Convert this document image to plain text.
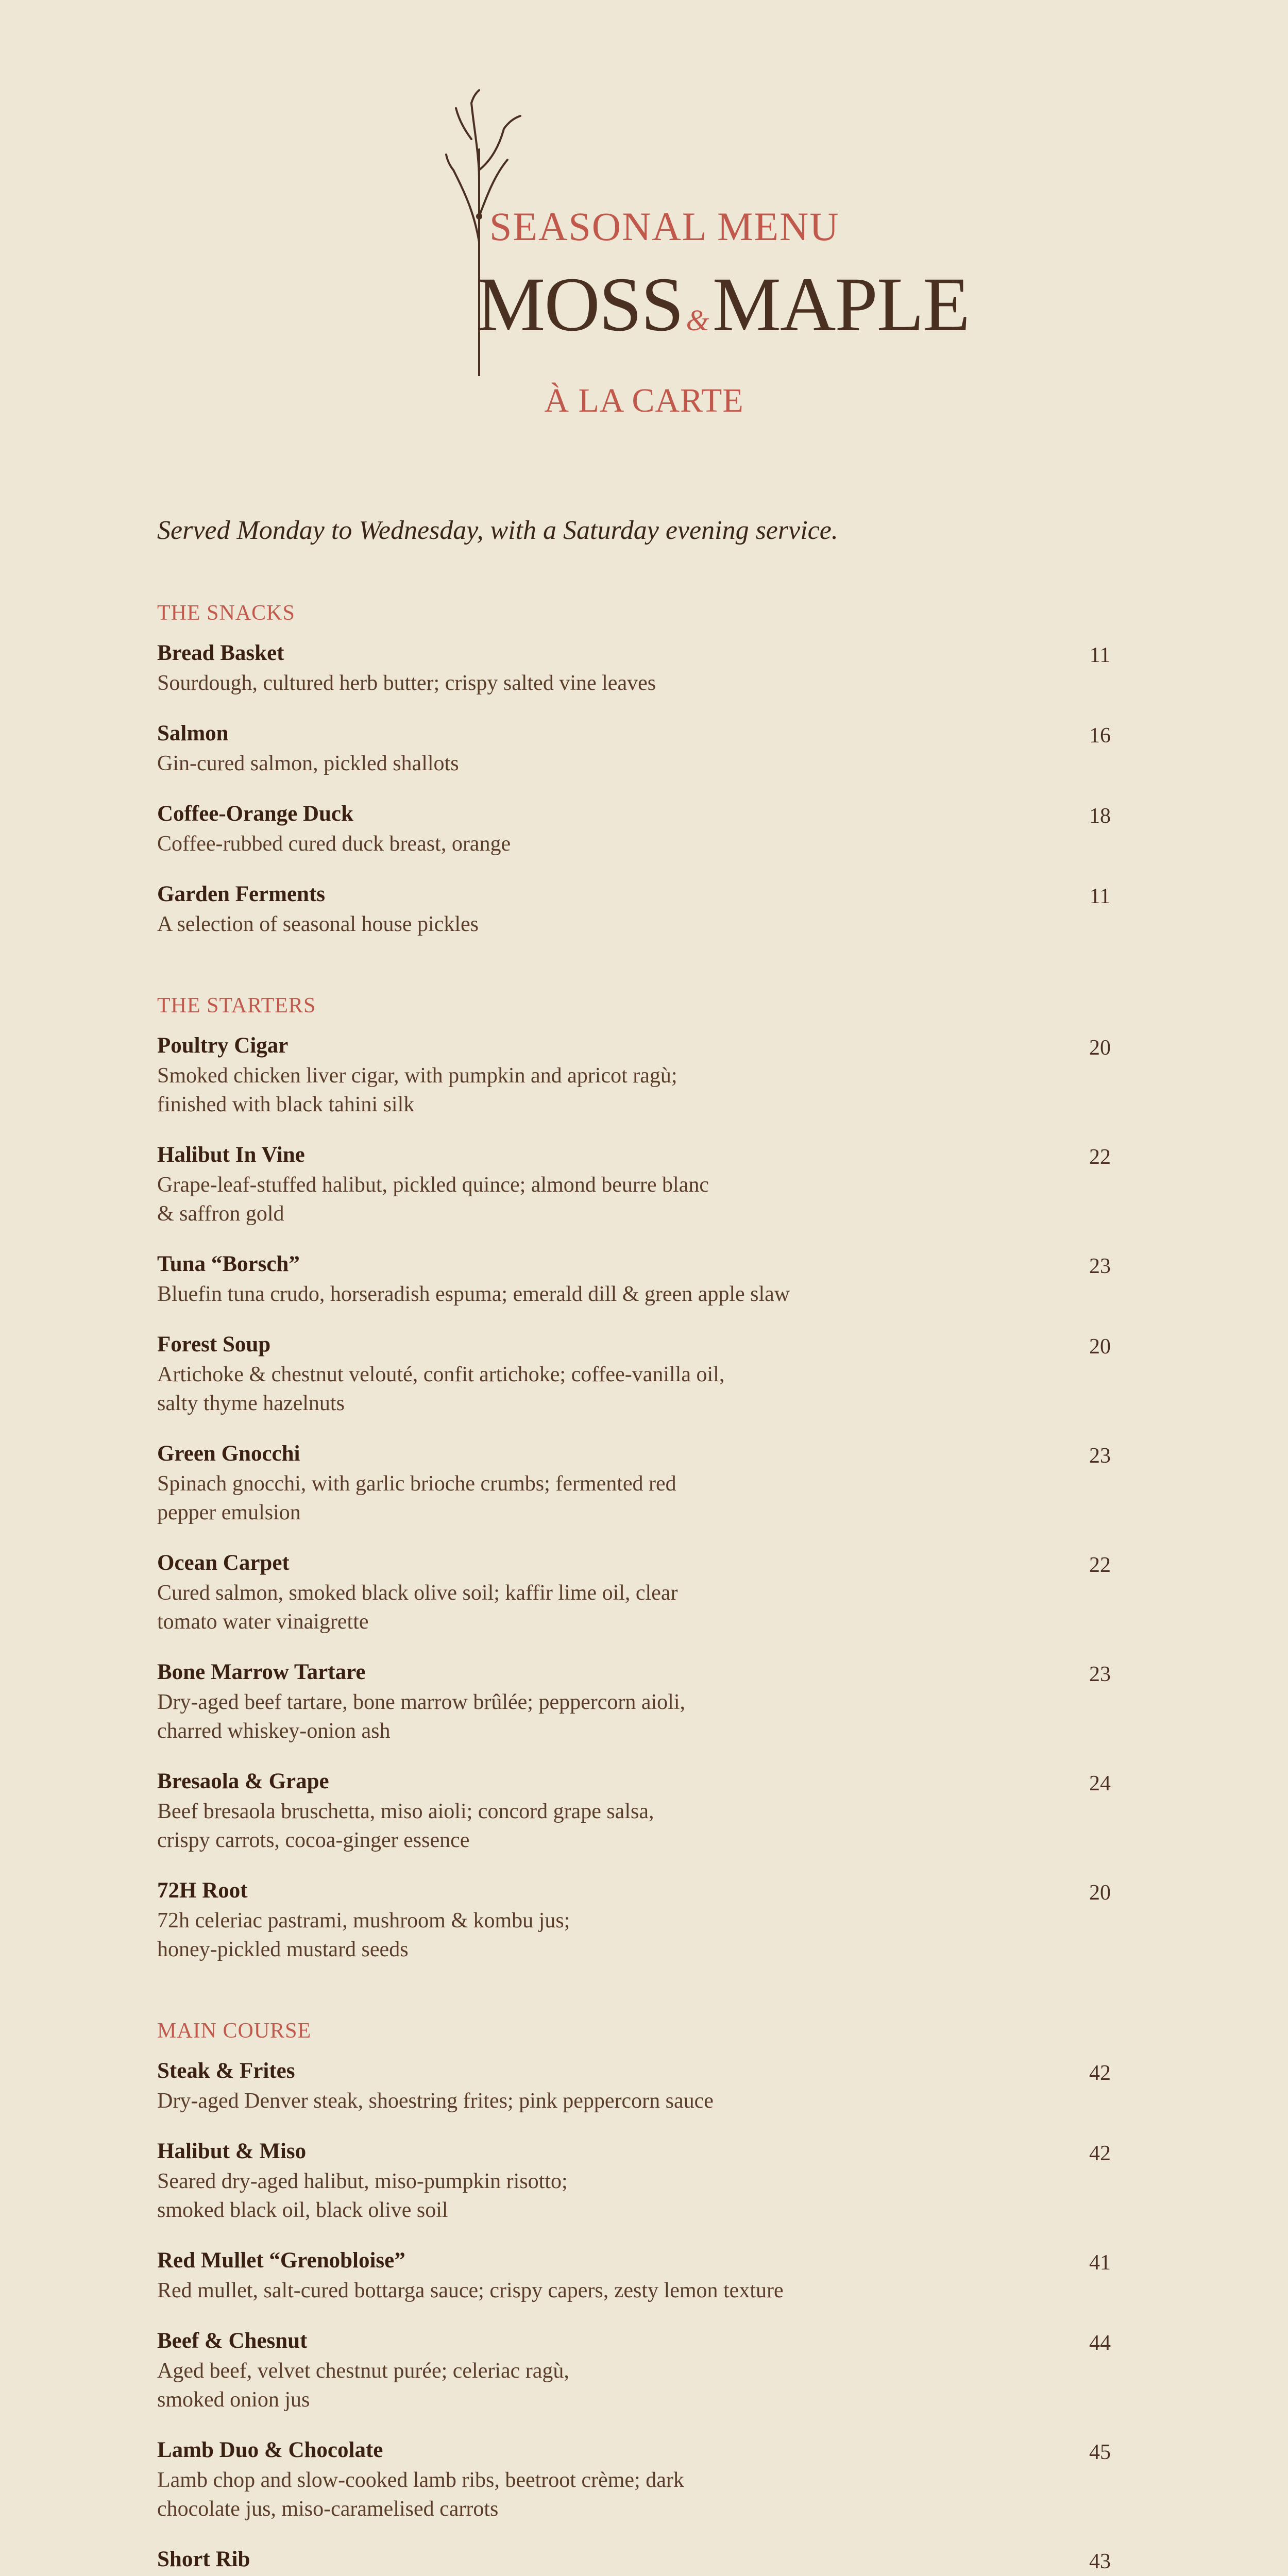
SEASONAL MENU
MOSS &MAPLE
À LA CARTE
Served Monday to Wednesday, with a Saturday evening service.
THE SNACKS
Bread Basket
Sourdough, cultured herb butter; crispy salted vine leaves
11
Salmon
Gin-cured salmon, pickled shallots
16
Coffee-Orange Duck
Coffee-rubbed cured duck breast, orange
18
Garden Ferments
A selection of seasonal house pickles
11
THE STARTERS
Poultry Cigar
Smoked chicken liver cigar, with pumpkin and apricot ragù;
finished with black tahini silk
20
Halibut In Vine
Grape-leaf-stuffed halibut, pickled quince; almond beurre blanc
& saffron gold
22
Tuna “Borsch”
Bluefin tuna crudo, horseradish espuma; emerald dill & green apple slaw
23
Forest Soup
Artichoke & chestnut velouté, confit artichoke; coffee-vanilla oil,
salty thyme hazelnuts
20
Green Gnocchi
Spinach gnocchi, with garlic brioche crumbs; fermented red
pepper emulsion
23
Ocean Carpet
Cured salmon, smoked black olive soil; kaffir lime oil, clear
tomato water vinaigrette
22
Bone Marrow Tartare
Dry-aged beef tartare, bone marrow brûlée; peppercorn aioli,
charred whiskey-onion ash
23
Bresaola & Grape
Beef bresaola bruschetta, miso aioli; concord grape salsa,
crispy carrots, cocoa-ginger essence
24
72H Root
72h celeriac pastrami, mushroom & kombu jus;
honey-pickled mustard seeds
20
MAIN COURSE
Steak & Frites
Dry-aged Denver steak, shoestring frites; pink peppercorn sauce
42
Halibut & Miso
Seared dry-aged halibut, miso-pumpkin risotto;
smoked black oil, black olive soil
42
Red Mullet “Grenobloise”
Red mullet, salt-cured bottarga sauce; crispy capers, zesty lemon texture
41
Beef & Chesnut
Aged beef, velvet chestnut purée; celeriac ragù,
smoked onion jus
44
Lamb Duo & Chocolate
Lamb chop and slow-cooked lamb ribs, beetroot crème; dark
chocolate jus, miso-caramelised carrots
45
Short Rib	43
